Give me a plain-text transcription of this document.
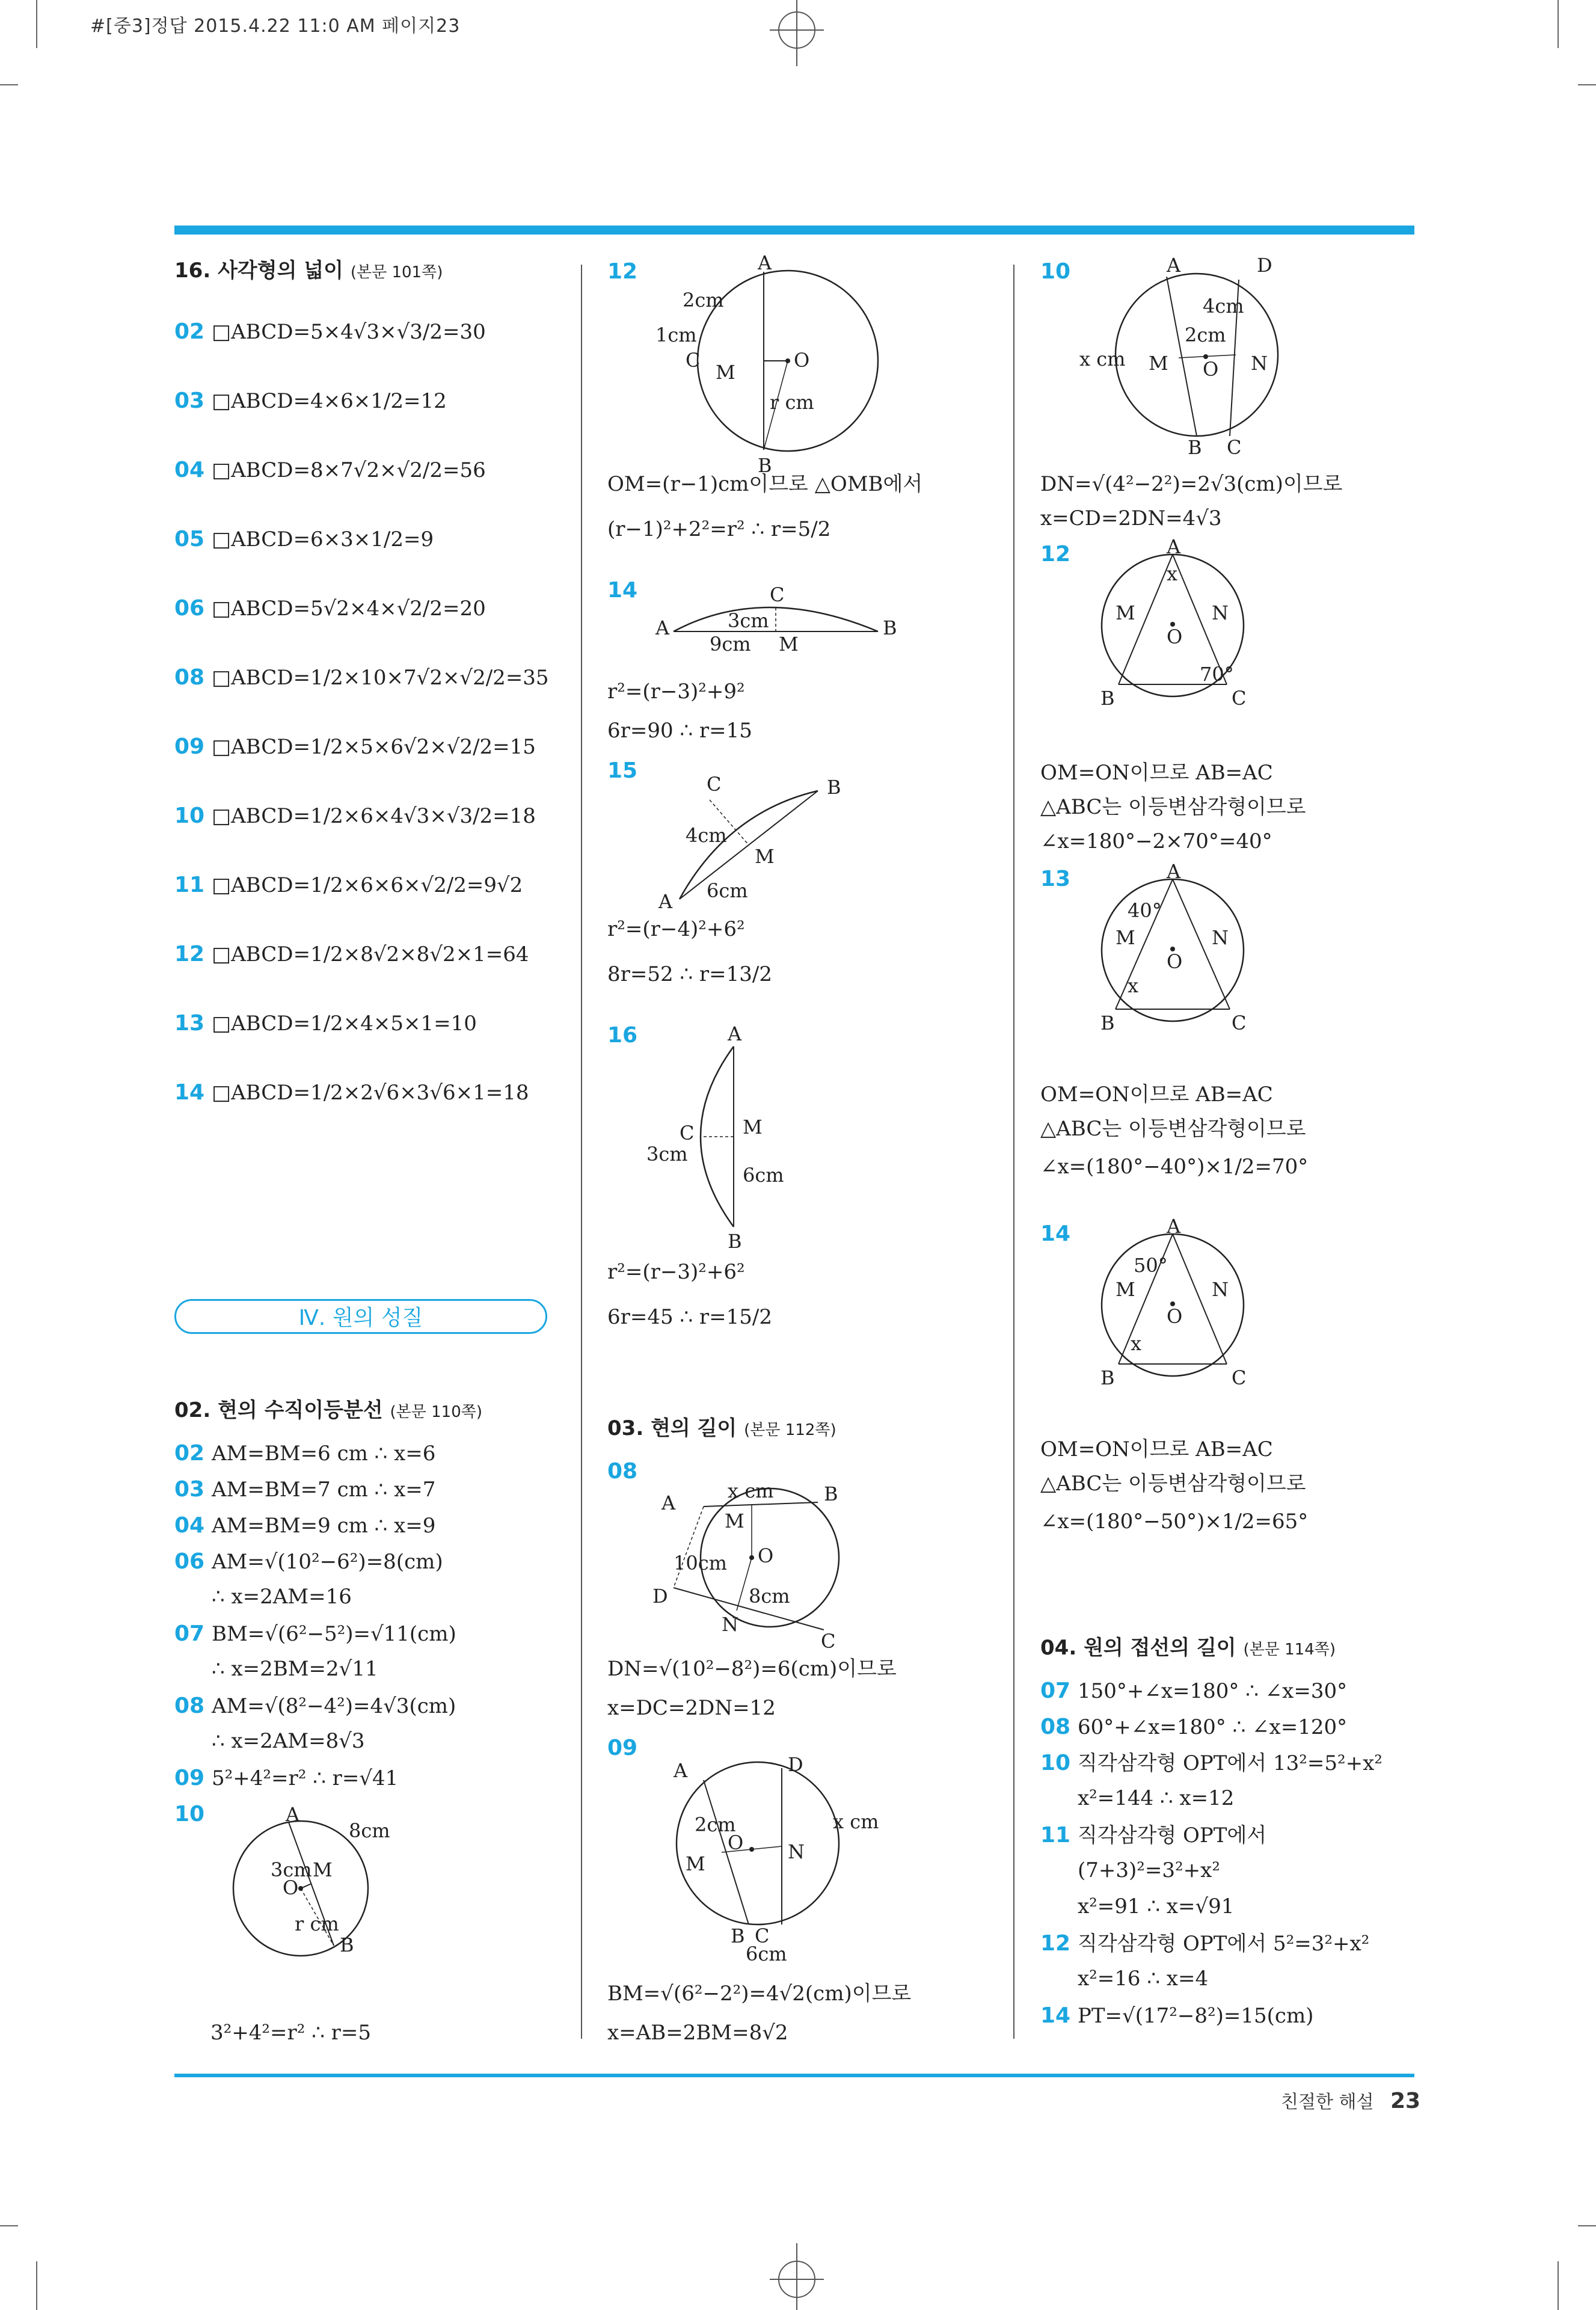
#[중3]정답 2015.4.22 11:0 AM 페이지23
16. 사각형의 넓이 (본문 101쪽)
02 □ABCD=5×4√3×√3/2=30
03 □ABCD=4×6×1/2=12
04 □ABCD=8×7√2×√2/2=56
05 □ABCD=6×3×1/2=9
06 □ABCD=5√2×4×√2/2=20
08 □ABCD=1/2×10×7√2×√2/2=35
09 □ABCD=1/2×5×6√2×√2/2=15
10 □ABCD=1/2×6×4√3×√3/2=18
11 □ABCD=1/2×6×6×√2/2=9√2
12 □ABCD=1/2×8√2×8√2×1=64
13 □ABCD=1/2×4×5×1=10
14 □ABCD=1/2×2√6×3√6×1=18
02. 현의 수직이등분선 (본문 110쪽)
02 AM=BM=6 cm ∴ x=6
03 AM=BM=7 cm ∴ x=7
04 AM=BM=9 cm ∴ x=9
06 AM=√(10²−6²)=8(cm)
∴ x=2AM=16
07 BM=√(6²−5²)=√11(cm)
∴ x=2BM=2√11
08 AM=√(8²−4²)=4√3(cm)
∴ x=2AM=8√3
09 5²+4²=r² ∴ r=√41
10	A
8cm
3cm M
O
r cm
B
3²+4²=r² ∴ r=5
Ⅳ. 원의 성질
12	A
2cm
1cm
C
M
O
r cm
B
OM=(r−1)cm이므로 △OMB에서
(r−1)²+2²=r² ∴ r=5/2
14	C
3cm
A
9cm M
B
r²=(r−3)²+9²
6r=90 ∴ r=15
15
C	B
4cm
M
A 6cm
r²=(r−4)²+6²
8r=52 ∴ r=13/2
16	A
C	M
3cm
6cm
B
r²=(r−3)²+6²
6r=45 ∴ r=15/2
03. 현의 길이 (본문 112쪽)
08
A
x cm	B
M
10cm O
D	8cm
N
C
DN=√(10²−8²)=6(cm)이므로
x=DC=2DN=12
09
A	D
x cm
2cm
O
M
N
B C
6cm
BM=√(6²−2²)=4√2(cm)이므로
x=AB=2BM=8√2
10	A	D
4cm
2cm
x cm M O N
B C
DN=√(4²−2²)=2√3(cm)이므로
x=CD=2DN=4√3
12	A
x
M	N
O
B
70°
C
OM=ON이므로 AB=AC
△ABC는 이등변삼각형이므로
∠x=180°−2×70°=40°
13	A
40°
M	N
O
x
B	C
OM=ON이므로 AB=AC
△ABC는 이등변삼각형이므로
∠x=(180°−40°)×1/2=70°
14	A
50°
M	N
O
x
B	C
OM=ON이므로 AB=AC
△ABC는 이등변삼각형이므로
∠x=(180°−50°)×1/2=65°
04. 원의 접선의 길이 (본문 114쪽)
07 150°+∠x=180° ∴ ∠x=30°
08 60°+∠x=180° ∴ ∠x=120°
10 직각삼각형 OPT에서 13²=5²+x²
x²=144 ∴ x=12
11 직각삼각형 OPT에서
(7+3)²=3²+x²
x²=91 ∴ x=√91
12 직각삼각형 OPT에서 5²=3²+x²
x²=16 ∴ x=4
14 PT=√(17²−8²)=15(cm)
친절한 해설 23
